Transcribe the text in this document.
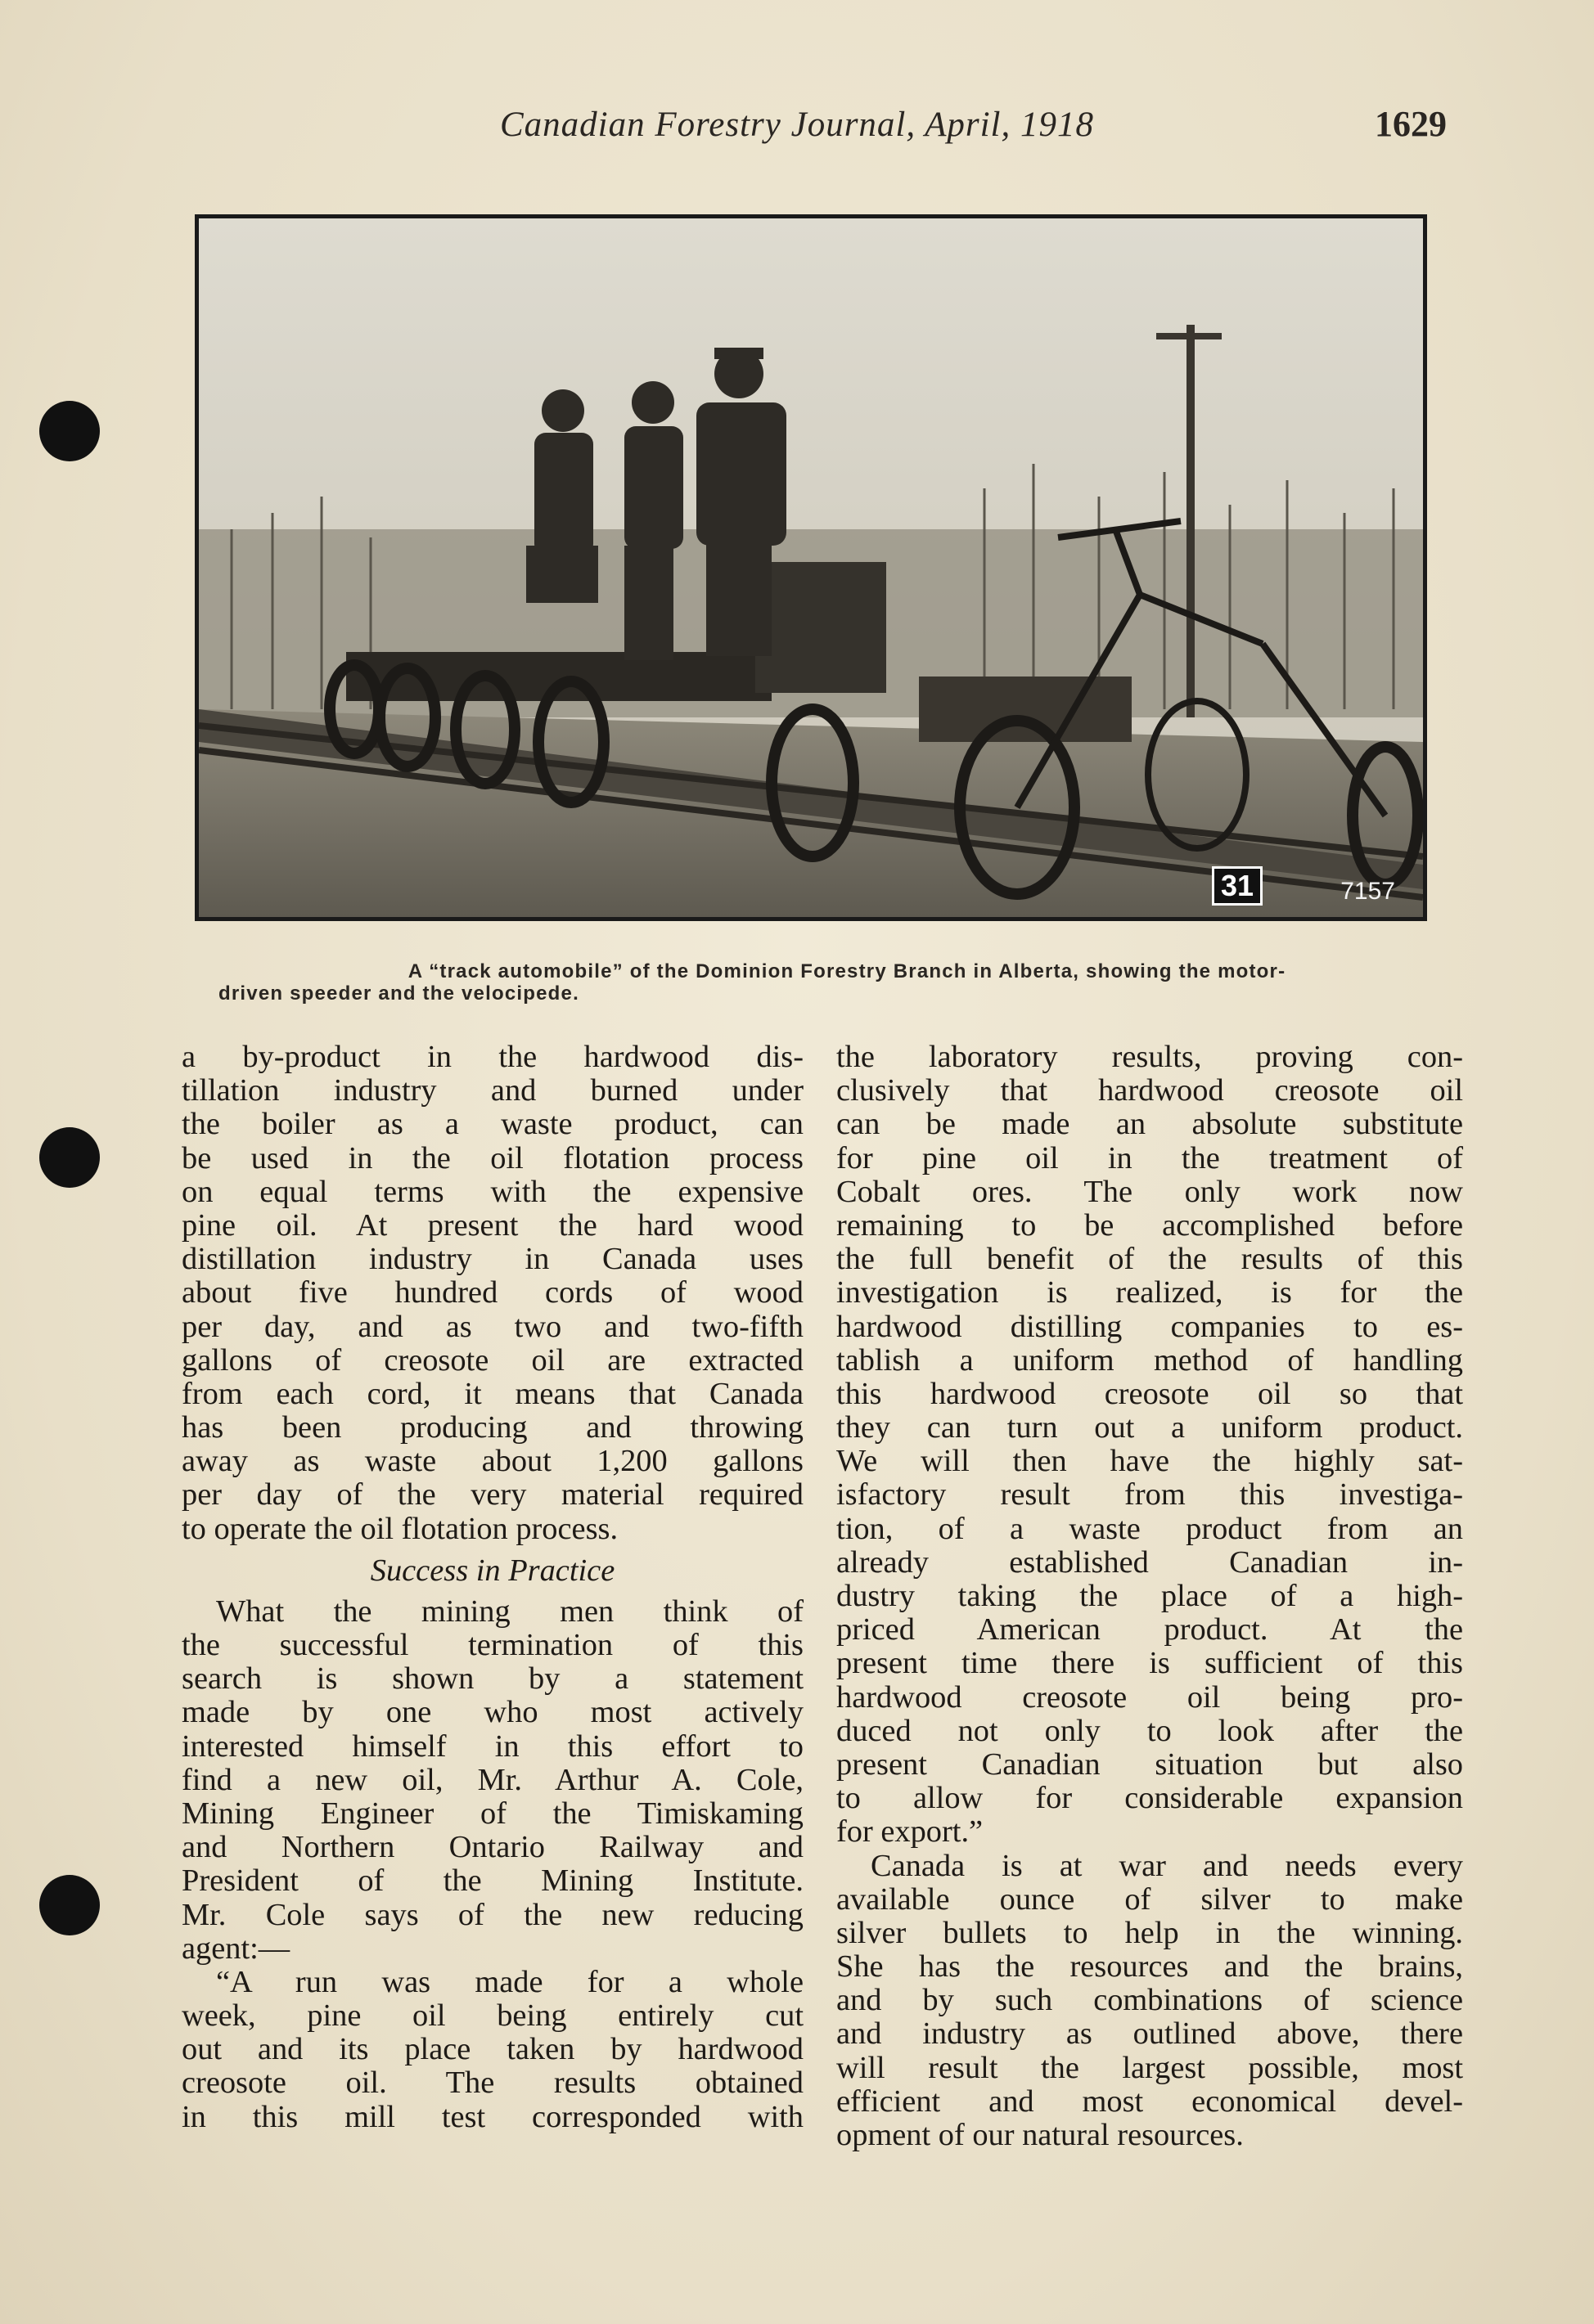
Canadian Forestry Journal, April, 1918	1629
31	7157
A “track automobile” of the Dominion Forestry Branch in Alberta, showing the motor-
driven speeder and the velocipede.
a by-product in the hardwood dis-
tillation industry and burned under
the boiler as a waste product, can
be used in the oil flotation process
on equal terms with the expensive
pine oil. At present the hard wood
distillation industry in Canada uses
about five hundred cords of wood
per day, and as two and two-fifth
gallons of creosote oil are extracted
from each cord, it means that Canada
has been producing and throwing
away as waste about 1,200 gallons
per day of the very material required
to operate the oil flotation process.
Success in Practice
What the mining men think of
the successful termination of this
search is shown by a statement
made by one who most actively
interested himself in this effort to
find a new oil, Mr. Arthur A. Cole,
Mining Engineer of the Timiskaming
and Northern Ontario Railway and
President of the Mining Institute.
Mr. Cole says of the new reducing
agent:—
“A run was made for a whole
week, pine oil being entirely cut
out and its place taken by hardwood
creosote oil. The results obtained
in this mill test corresponded with
the laboratory results, proving con-
clusively that hardwood creosote oil
can be made an absolute substitute
for pine oil in the treatment of
Cobalt ores. The only work now
remaining to be accomplished before
the full benefit of the results of this
investigation is realized, is for the
hardwood distilling companies to es-
tablish a uniform method of handling
this hardwood creosote oil so that
they can turn out a uniform product.
We will then have the highly sat-
isfactory result from this investiga-
tion, of a waste product from an
already established Canadian in-
dustry taking the place of a high-
priced American product. At the
present time there is sufficient of this
hardwood creosote oil being pro-
duced not only to look after the
present Canadian situation but also
to allow for considerable expansion
for export.”
Canada is at war and needs every
available ounce of silver to make
silver bullets to help in the winning.
She has the resources and the brains,
and by such combinations of science
and industry as outlined above, there
will result the largest possible, most
efficient and most economical devel-
opment of our natural resources.
